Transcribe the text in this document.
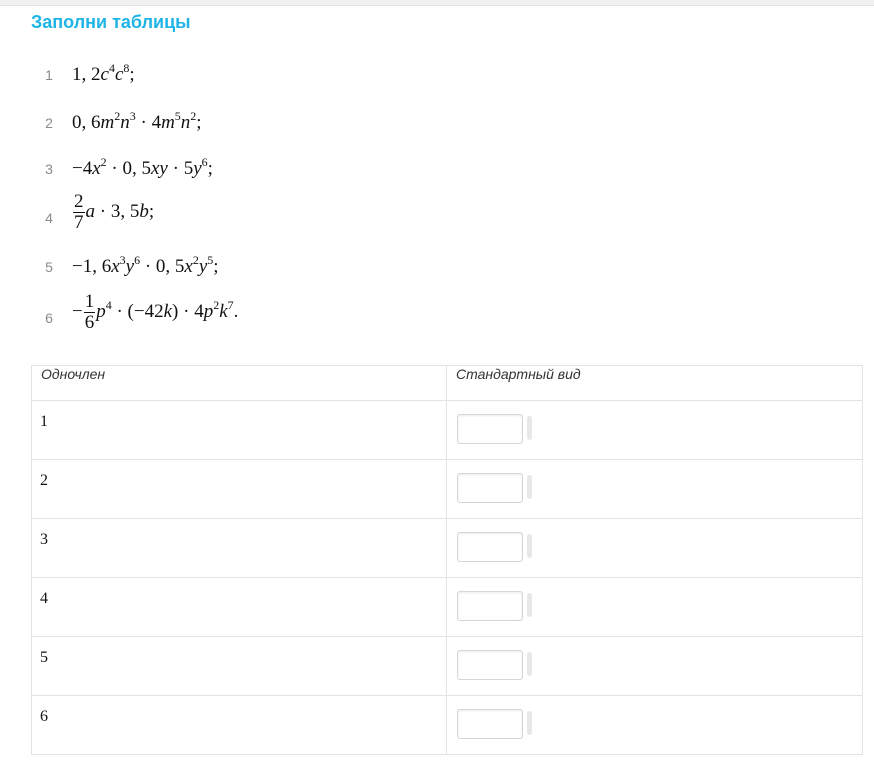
Заполни таблицы
1 1, $2c^4c^8$;
2 0, $6m^2n^3 \cdot 4m^5n^2$;
$3 -4x^2 \cdot 0$, $5xy \cdot 5y^6$;
$4 \frac{2}{7}$ a · 3, 5b;
5 −1, $6x^3y^6 \cdot 0$, $5x^2y^5$;
$6 - \frac{1}{6} p^4 \cdot (-42k) \cdot 4p^2k^7$.
Одночлен	Стандартный вид

1

2

3

4

5

6
